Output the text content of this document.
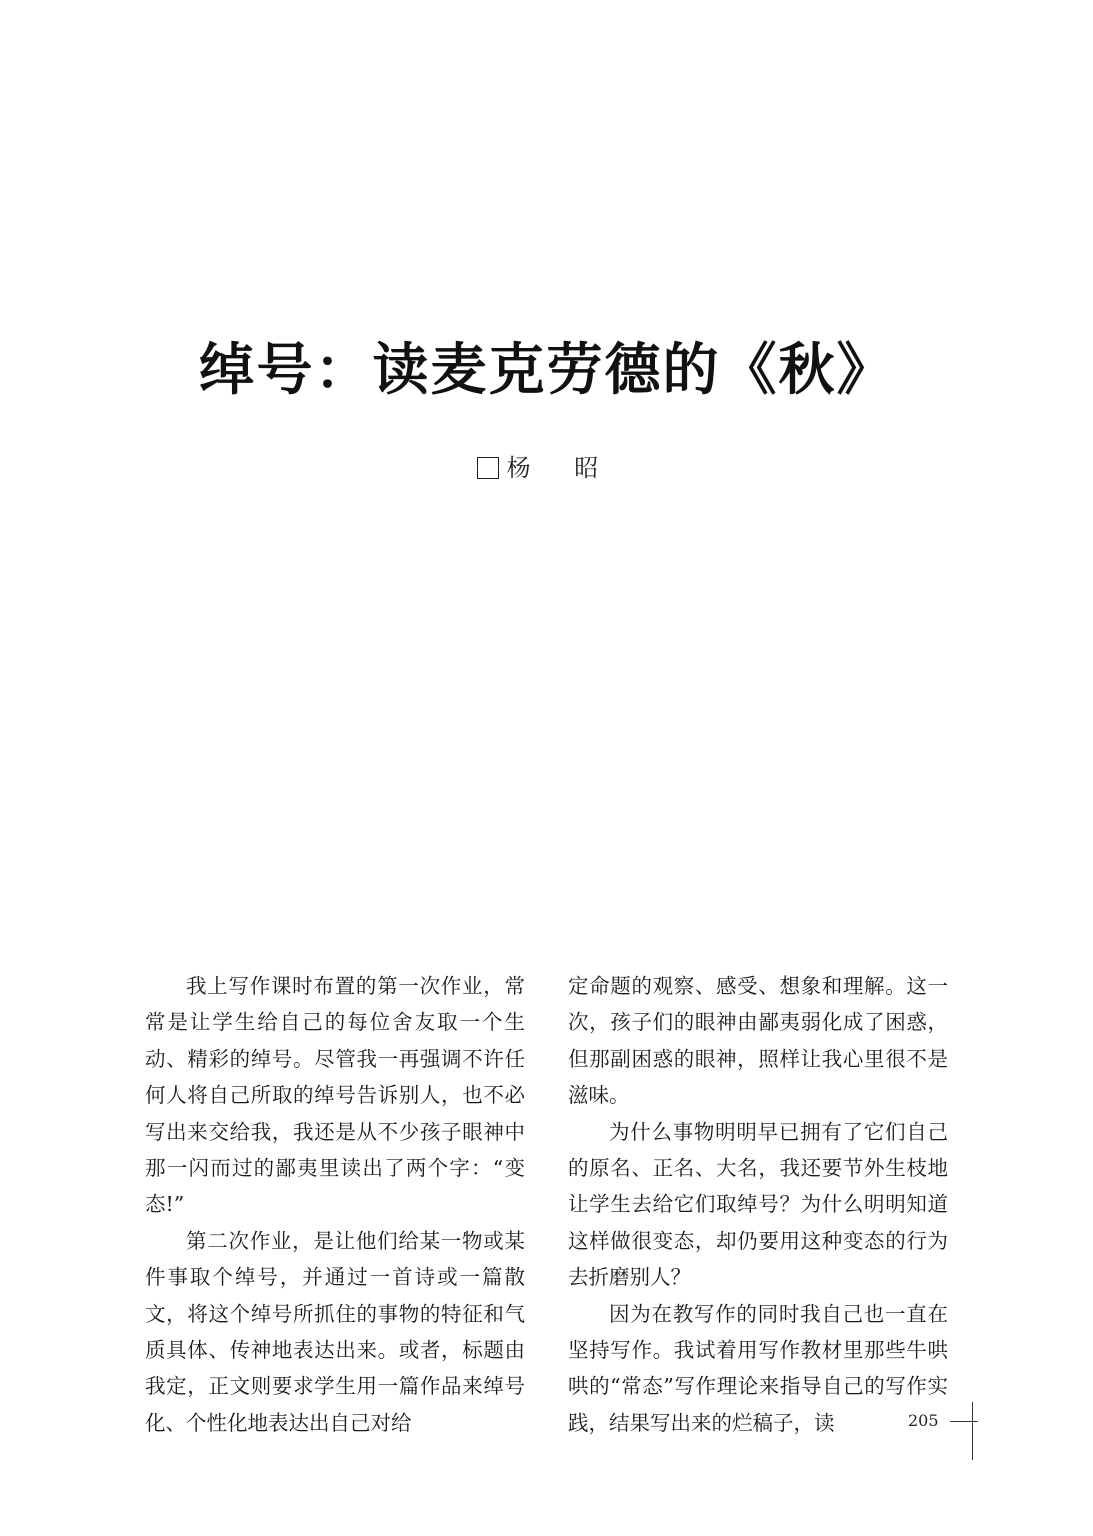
绰号：读麦克劳德的《秋》
杨 昭

我上写作课时布置的第一次作业，常常是让学生给自己的每位舍友取一个生动、精彩的绰号。尽管我一再强调不许任何人将自己所取的绰号告诉别人，也不必写出来交给我，我还是从不少孩子眼神中那一闪而过的鄙夷里读出了两个字：“变态!”

第二次作业，是让他们给某一物或某件事取个绰号，并通过一首诗或一篇散文，将这个绰号所抓住的事物的特征和气质具体、传神地表达出来。或者，标题由我定，正文则要求学生用一篇作品来绰号化、个性化地表达出自己对给

定命题的观察、感受、想象和理解。这一次，孩子们的眼神由鄙夷弱化成了困惑，但那副困惑的眼神，照样让我心里很不是滋味。

为什么事物明明早已拥有了它们自己的原名、正名、大名，我还要节外生枝地让学生去给它们取绰号？为什么明明知道这样做很变态，却仍要用这种变态的行为去折磨别人？

因为在教写作的同时我自己也一直在坚持写作。我试着用写作教材里那些牛哄哄的“常态”写作理论来指导自己的写作实践，结果写出来的烂稿子，读	205
